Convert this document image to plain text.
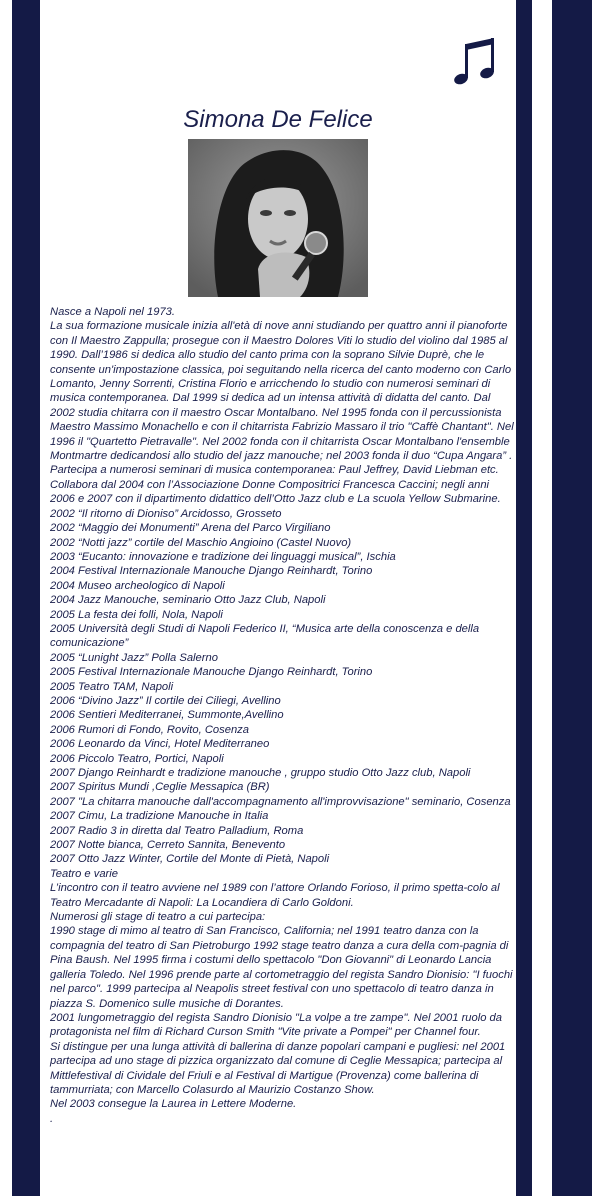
Simona De Felice

Nasce a Napoli nel 1973.
La sua formazione musicale inizia all'età di nove anni studiando per quattro anni il pianoforte con Il Maestro Zappulla; prosegue con il Maestro Dolores Viti lo studio del violino dal 1985 al 1990. Dall’1986 si dedica allo studio del canto prima con la soprano Silvie Duprè, che le consente un'impostazione classica, poi seguitando nella ricerca del canto moderno con Carlo Lomanto, Jenny Sorrenti, Cristina Florio e arricchendo lo studio con numerosi seminari di musica contemporanea. Dal 1999 si dedica ad un intensa attività di didatta del canto. Dal 2002 studia chitarra con il maestro Oscar Montalbano. Nel 1995 fonda con il percussionista Maestro Massimo Monachello e con il chitarrista Fabrizio Massaro il trio "Caffè Chantant". Nel 1996 il "Quartetto Pietravalle". Nel 2002 fonda con il chitarrista Oscar Montalbano l'ensemble Montmartre dedicandosi allo studio del jazz manouche; nel 2003 fonda il duo “Cupa Angara” . Partecipa a numerosi seminari di musica contemporanea: Paul Jeffrey, David Liebman etc. Collabora dal 2004 con l’Associazione Donne Compositrici Francesca Caccini; negli anni 2006 e 2007 con il dipartimento didattico dell’Otto Jazz club e La scuola Yellow Submarine.
2002 “Il ritorno di Dioniso” Arcidosso, Grosseto
2002 “Maggio dei Monumenti” Arena del Parco Virgiliano
2002 “Notti jazz” cortile del Maschio Angioino (Castel Nuovo)
2003 “Eucanto: innovazione e tradizione dei linguaggi musical”, Ischia
2004 Festival Internazionale Manouche Django Reinhardt, Torino
2004 Museo archeologico di Napoli
2004 Jazz Manouche, seminario Otto Jazz Club, Napoli
2005 La festa dei folli, Nola, Napoli
2005 Università degli Studi di Napoli Federico II, “Musica arte della conoscenza e della comunicazione”
2005 “Lunight Jazz” Polla Salerno
2005 Festival Internazionale Manouche Django Reinhardt, Torino
2005 Teatro TAM, Napoli
2006 “Divino Jazz” Il cortile dei Ciliegi, Avellino
2006 Sentieri Mediterranei, Summonte,Avellino
2006 Rumori di Fondo, Rovito, Cosenza
2006 Leonardo da Vinci, Hotel Mediterraneo
2006 Piccolo Teatro, Portici, Napoli
2007 Django Reinhardt e tradizione manouche , gruppo studio Otto Jazz club, Napoli
2007 Spiritus Mundi ,Ceglie Messapica (BR)
2007 "La chitarra manouche dall'accompagnamento all'improvvisazione" seminario, Cosenza
2007 Cimu, La tradizione Manouche in Italia
2007 Radio 3 in diretta dal Teatro Palladium, Roma
2007 Notte bianca, Cerreto Sannita, Benevento
2007 Otto Jazz Winter, Cortile del Monte di Pietà, Napoli
Teatro e varie
L’incontro con il teatro avviene nel 1989 con l’attore Orlando Forioso, il primo spetta-colo al Teatro Mercadante di Napoli: La Locandiera di Carlo Goldoni.
Numerosi gli stage di teatro a cui partecipa:
1990 stage di mimo al teatro di San Francisco, California; nel 1991 teatro danza con la compagnia del teatro di San Pietroburgo 1992 stage teatro danza a cura della com-pagnia di Pina Baush. Nel 1995 firma i costumi dello spettacolo "Don Giovanni" di Leonardo Lancia galleria Toledo. Nel 1996 prende parte al cortometraggio del regista Sandro Dionisio: "I fuochi nel parco". 1999 partecipa al Neapolis street festival con uno spettacolo di teatro danza in piazza S. Domenico sulle musiche di Dorantes.
2001 lungometraggio del regista Sandro Dionisio "La volpe a tre zampe". Nel 2001 ruolo da protagonista nel film di Richard Curson Smith "Vite private a Pompei" per Channel four.
Si distingue per una lunga attività di ballerina di danze popolari campani e pugliesi: nel 2001 partecipa ad uno stage di pizzica organizzato dal comune di Ceglie Messapica; partecipa al Mittlefestival di Cividale del Friuli e al Festival di Martigue (Provenza) come ballerina di tammurriata; con Marcello Colasurdo al Maurizio Costanzo Show.
Nel 2003 consegue la Laurea in Lettere Moderne.
.
